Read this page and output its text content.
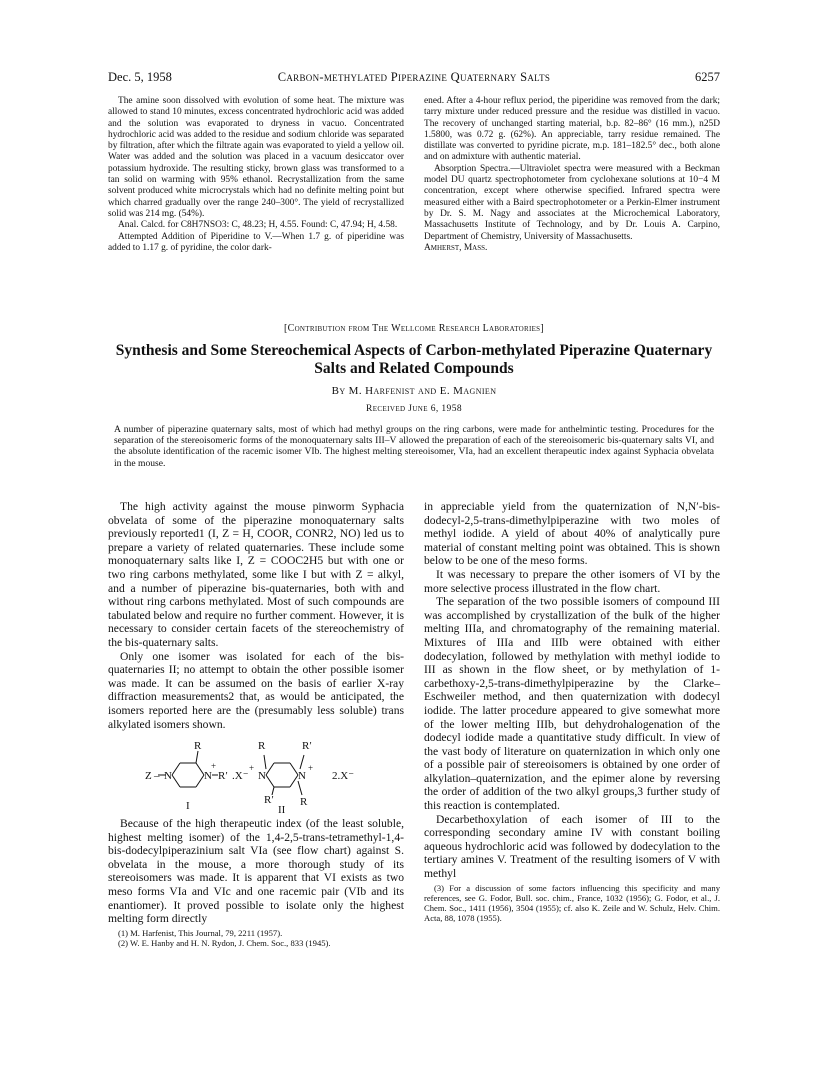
Dec. 5, 1958	Carbon-methylated Piperazine Quaternary Salts	6257

The amine soon dissolved with evolution of some heat. The mixture was allowed to stand 10 minutes, excess concentrated hydrochloric acid was added and the solution was evaporated to dryness in vacuo. Concentrated hydrochloric acid was added to the residue and sodium chloride was separated by filtration, after which the filtrate again was evaporated to yield a yellow oil. Water was added and the solution was placed in a vacuum desiccator over potassium hydroxide. The resulting sticky, brown glass was transformed to a tan solid on warming with 95% ethanol. Recrystallization from the same solvent produced white microcrystals which had no definite melting point but which charred gradually over the range 240–300°. The yield of recrystallized solid was 214 mg. (54%).

Anal. Calcd. for C8H7NSO3: C, 48.23; H, 4.55. Found: C, 47.94; H, 4.58.

Attempted Addition of Piperidine to V.—When 1.7 g. of piperidine was added to 1.17 g. of pyridine, the color dark-

ened. After a 4-hour reflux period, the piperidine was removed from the dark; tarry mixture under reduced pressure and the residue was distilled in vacuo. The recovery of unchanged starting material, b.p. 82–86° (16 mm.), n25D 1.5800, was 0.72 g. (62%). An appreciable, tarry residue remained. The distillate was converted to pyridine picrate, m.p. 181–182.5° dec., both alone and on admixture with authentic material.

Absorption Spectra.—Ultraviolet spectra were measured with a Beckman model DU quartz spectrophotometer from cyclohexane solutions at 10−4 M concentration, except where otherwise specified. Infrared spectra were measured either with a Baird spectrophotometer or a Perkin-Elmer instrument by Dr. S. M. Nagy and associates at the Microchemical Laboratory, Massachusetts Institute of Technology, and by Dr. Louis A. Carpino, Department of Chemistry, University of Massachusetts.

Amherst, Mass.

[Contribution from The Wellcome Research Laboratories]
Synthesis and Some Stereochemical Aspects of Carbon-methylated Piperazine Quaternary Salts and Related Compounds
By M. Harfenist and E. Magnien
Received June 6, 1958
A number of piperazine quaternary salts, most of which had methyl groups on the ring carbons, were made for anthelmintic testing. Procedures for the separation of the stereoisomeric forms of the monoquaternary salts III–V allowed the preparation of each of the stereoisomeric bis-quaternary salts VI, and the absolute identification of the racemic isomer VIb. The highest melting stereoisomer, VIa, had an excellent therapeutic index against Syphacia obvelata in the mouse.

The high activity against the mouse pinworm Syphacia obvelata of some of the piperazine monoquaternary salts previously reported1 (I, Z = H, COOR, CONR2, NO) led us to prepare a variety of related quaternaries. These include some monoquaternary salts like I, Z = COOC2H5 but with one or two ring carbons methylated, some like I but with Z = alkyl, and a number of piperazine bis-quaternaries, both with and without ring carbons methylated. Most of such compounds are tabulated below and require no further comment. However, it is necessary to consider certain facets of the stereochemistry of the bis-quaternary salts.

Only one isomer was isolated for each of the bis-quaternaries II; no attempt to obtain the other possible isomer was made. It can be assumed on the basis of earlier X-ray diffraction measurements2 that, as would be anticipated, the isomers reported here are the (presumably less soluble) trans alkylated isomers shown.

Z – N	N
+
R
R′ .X⁻
I
R	R′
+
N	N
+
R′ R
2.X⁻
II

Because of the high therapeutic index (of the least soluble, highest melting isomer) of the 1,4-2,5-trans-tetramethyl-1,4-bis-dodecylpiperazinium salt VIa (see flow chart) against S. obvelata in the mouse, a more thorough study of its stereoisomers was made. It is apparent that VI exists as two meso forms VIa and VIc and one racemic pair (VIb and its enantiomer). It proved possible to isolate only the highest melting form directly

(1) M. Harfenist, This Journal, 79, 2211 (1957).

(2) W. E. Hanby and H. N. Rydon, J. Chem. Soc., 833 (1945).

in appreciable yield from the quaternization of N,N′-bis-dodecyl-2,5-trans-dimethylpiperazine with two moles of methyl iodide. A yield of about 40% of analytically pure material of constant melting point was obtained. This is shown below to be one of the meso forms.

It was necessary to prepare the other isomers of VI by the more selective process illustrated in the flow chart.

The separation of the two possible isomers of compound III was accomplished by crystallization of the bulk of the higher melting IIIa, and chromatography of the remaining material. Mixtures of IIIa and IIIb were obtained with either dodecylation, followed by methylation with methyl iodide to III as shown in the flow sheet, or by methylation of 1-carbethoxy-2,5-trans-dimethylpiperazine by the Clarke–Eschweiler method, and then quaternization with dodecyl iodide. The latter procedure appeared to give somewhat more of the lower melting IIIb, but dehydrohalogenation of the dodecyl iodide made a quantitative study difficult. In view of the vast body of literature on quaternization in which only one of a possible pair of stereoisomers is obtained by one order of alkylation–quaternization, and the epimer alone by reversing the order of addition of the two alkyl groups,3 further study of this reaction is contemplated.

Decarbethoxylation of each isomer of III to the corresponding secondary amine IV with constant boiling aqueous hydrochloric acid was followed by dodecylation to the tertiary amines V. Treatment of the resulting isomers of V with methyl

(3) For a discussion of some factors influencing this specificity and many references, see G. Fodor, Bull. soc. chim., France, 1032 (1956); G. Fodor, et al., J. Chem. Soc., 1411 (1956), 3504 (1955); cf. also K. Zeile and W. Schulz, Helv. Chim. Acta, 88, 1078 (1955).
